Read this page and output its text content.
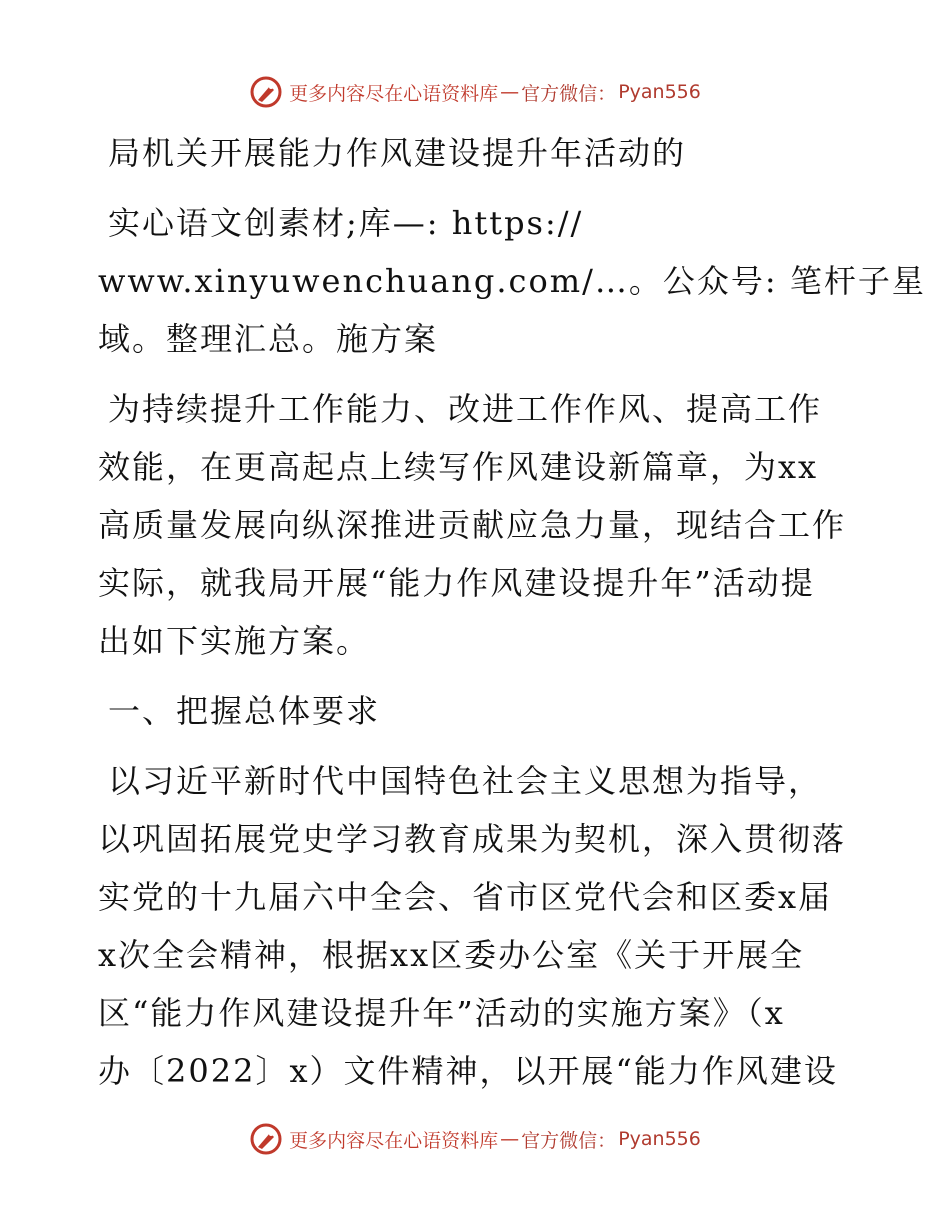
更多内容尽在心语资料库 — 官方微信： Pyan556

局机关开展能力作风建设提升年活动的

实心语文创素材;库—: https://
www.xinyuwenchuang.com/…。公众号: 笔杆子星
域。整理汇总。施方案

为持续提升工作能力、改进工作作风、提高工作
效能，在更高起点上续写作风建设新篇章，为xx
高质量发展向纵深推进贡献应急力量，现结合工作
实际，就我局开展“能力作风建设提升年”活动提
出如下实施方案。

一、把握总体要求

以习近平新时代中国特色社会主义思想为指导，
以巩固拓展党史学习教育成果为契机，深入贯彻落
实党的十九届六中全会、省市区党代会和区委x届
x次全会精神，根据xx区委办公室《关于开展全
区“能力作风建设提升年”活动的实施方案》（x
办〔2022〕x）文件精神，以开展“能力作风建设

更多内容尽在心语资料库 — 官方微信： Pyan556
